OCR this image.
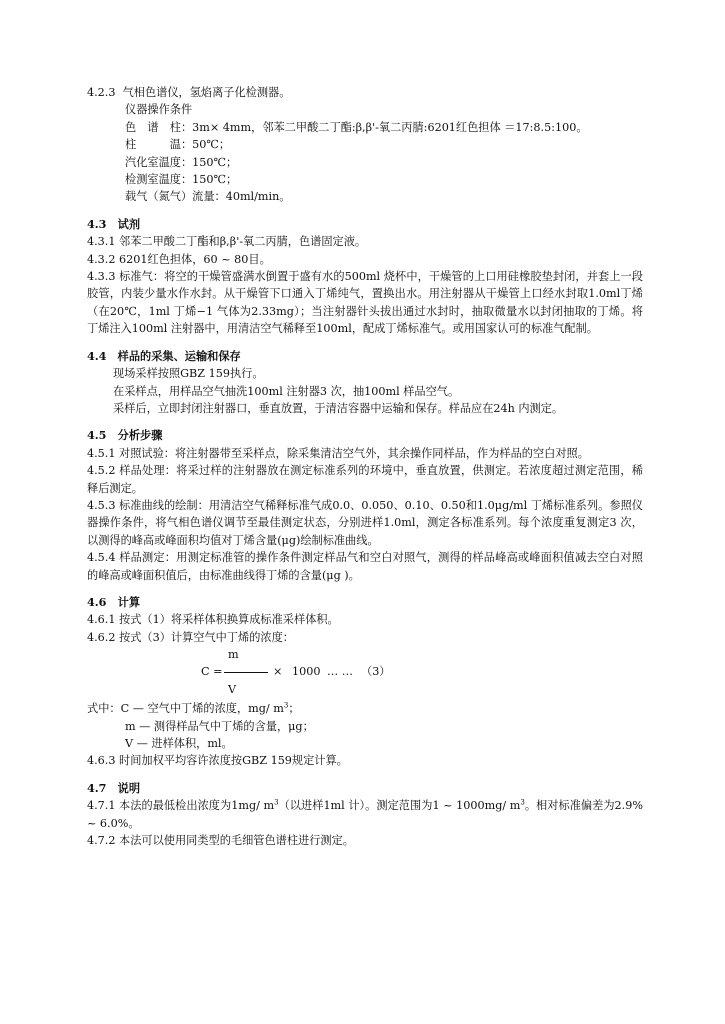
4.2.3 气相色谱仪，氢焰离子化检测器。

仪器操作条件

色　谱　柱：3m× 4mm，邻苯二甲酸二丁酯:β,β'-氧二丙腈:6201红色担体 ＝17:8.5:100。

柱　　　温：50℃；

汽化室温度：150℃；

检测室温度：150℃；

载气（氮气）流量：40ml/min。

4.3　试剂

4.3.1 邻苯二甲酸二丁酯和β,β'-氧二丙腈，色谱固定液。

4.3.2 6201红色担体，60 ~ 80目。

4.3.3 标准气：将空的干燥管盛满水倒置于盛有水的500ml 烧杯中，干燥管的上口用硅橡胶垫封闭，并套上一段胶管，内装少量水作水封。从干燥管下口通入丁烯纯气，置换出水。用注射器从干燥管上口经水封取1.0ml丁烯（在20℃，1ml 丁烯−1 气体为2.33mg）；当注射器针头拔出通过水封时，抽取微量水以封闭抽取的丁烯。将丁烯注入100ml 注射器中，用清洁空气稀释至100ml，配成丁烯标准气。或用国家认可的标准气配制。

4.4　样品的采集、运输和保存

现场采样按照GBZ 159执行。

在采样点，用样品空气抽洗100ml 注射器3 次，抽100ml 样品空气。

采样后，立即封闭注射器口，垂直放置，于清洁容器中运输和保存。样品应在24h 内测定。

4.5　分析步骤

4.5.1 对照试验：将注射器带至采样点，除采集清洁空气外，其余操作同样品，作为样品的空白对照。

4.5.2 样品处理：将采过样的注射器放在测定标准系列的环境中，垂直放置，供测定。若浓度超过测定范围，稀释后测定。

4.5.3 标准曲线的绘制：用清洁空气稀释标准气成0.0、0.050、0.10、0.50和1.0μg/ml 丁烯标准系列。参照仪器操作条件，将气相色谱仪调节至最佳测定状态，分别进样1.0ml，测定各标准系列。每个浓度重复测定3 次，以测得的峰高或峰面积均值对丁烯含量(μg)绘制标准曲线。

4.5.4 样品测定：用测定标准管的操作条件测定样品气和空白对照气，测得的样品峰高或峰面积值减去空白对照的峰高或峰面积值后，由标准曲线得丁烯的含量(μg )。

4.6　计算

4.6.1 按式（1）将采样体积换算成标准采样体积。

4.6.2 按式（3）计算空气中丁烯的浓度：

m
C =	× 1000 … … （3）
V

式中：C — 空气中丁烯的浓度，mg/ $m^3$；

m — 测得样品气中丁烯的含量，μg；

V — 进样体积，ml。

4.6.3 时间加权平均容许浓度按GBZ 159规定计算。

4.7　说明

4.7.1 本法的最低检出浓度为1mg/ $m^3$（以进样1ml 计）。测定范围为1 ~ 1000mg/ $m^3$。相对标准偏差为2.9% ~ 6.0%。

4.7.2 本法可以使用同类型的毛细管色谱柱进行测定。
